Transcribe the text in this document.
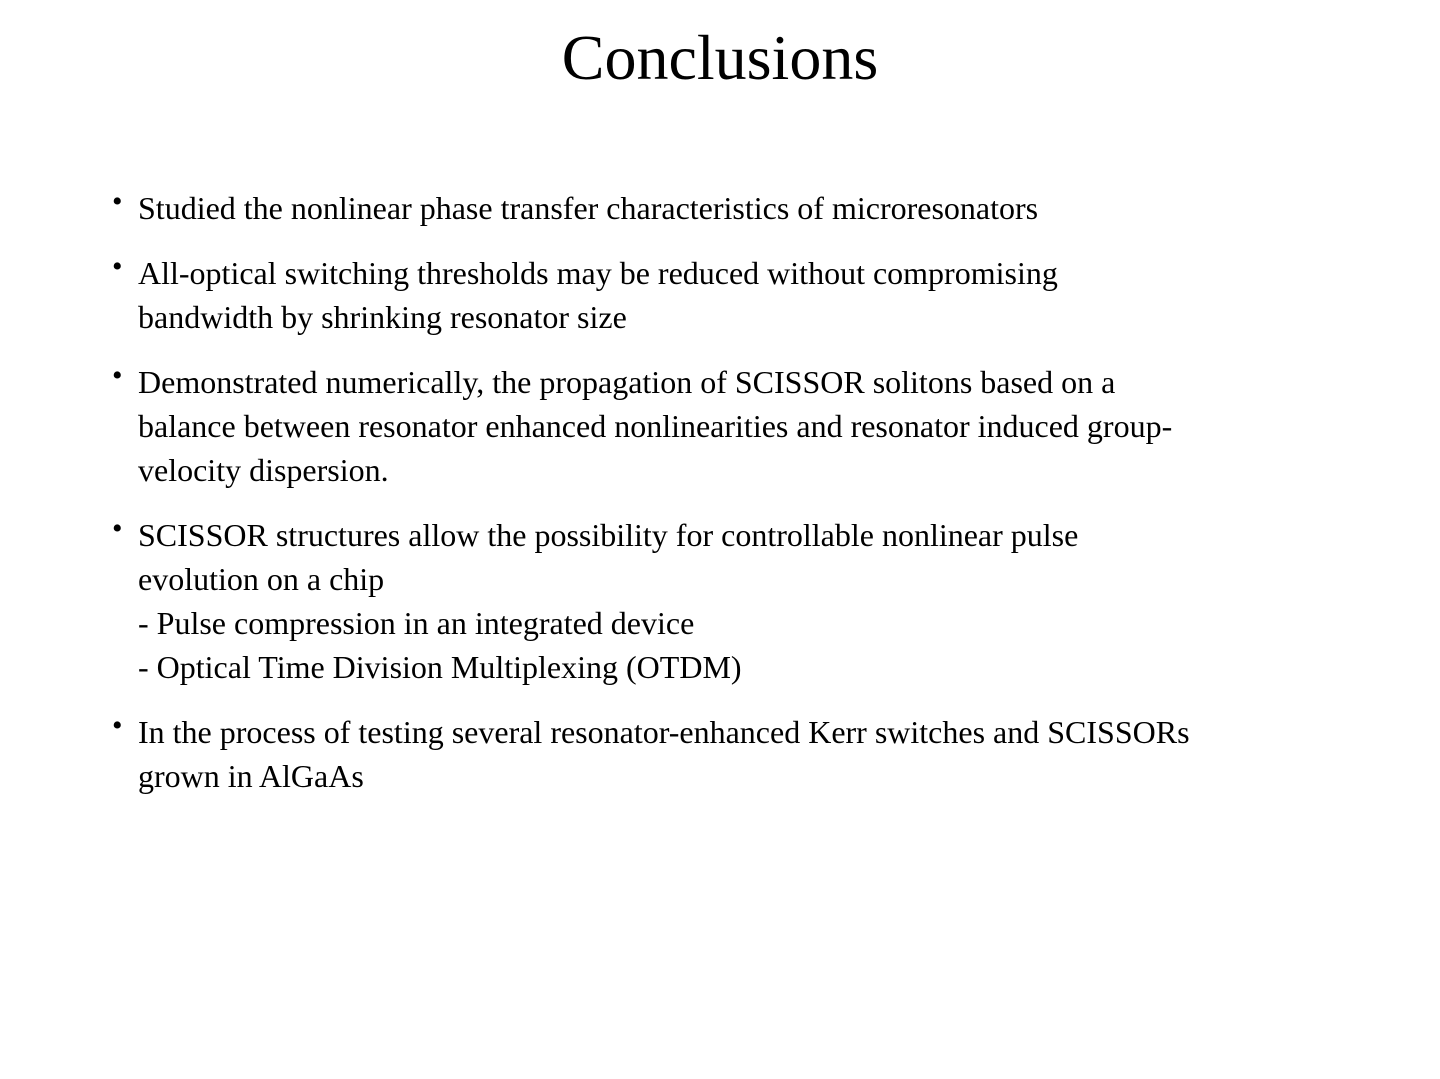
Conclusions
• Studied the nonlinear phase transfer characteristics of microresonators
• All-optical switching thresholds may be reduced without compromising
bandwidth by shrinking resonator size
• Demonstrated numerically, the propagation of SCISSOR solitons based on a
balance between resonator enhanced nonlinearities and resonator induced group-
velocity dispersion.
• SCISSOR structures allow the possibility for controllable nonlinear pulse
evolution on a chip
- Pulse compression in an integrated device
- Optical Time Division Multiplexing (OTDM)
• In the process of testing several resonator-enhanced Kerr switches and SCISSORs
grown in AlGaAs
